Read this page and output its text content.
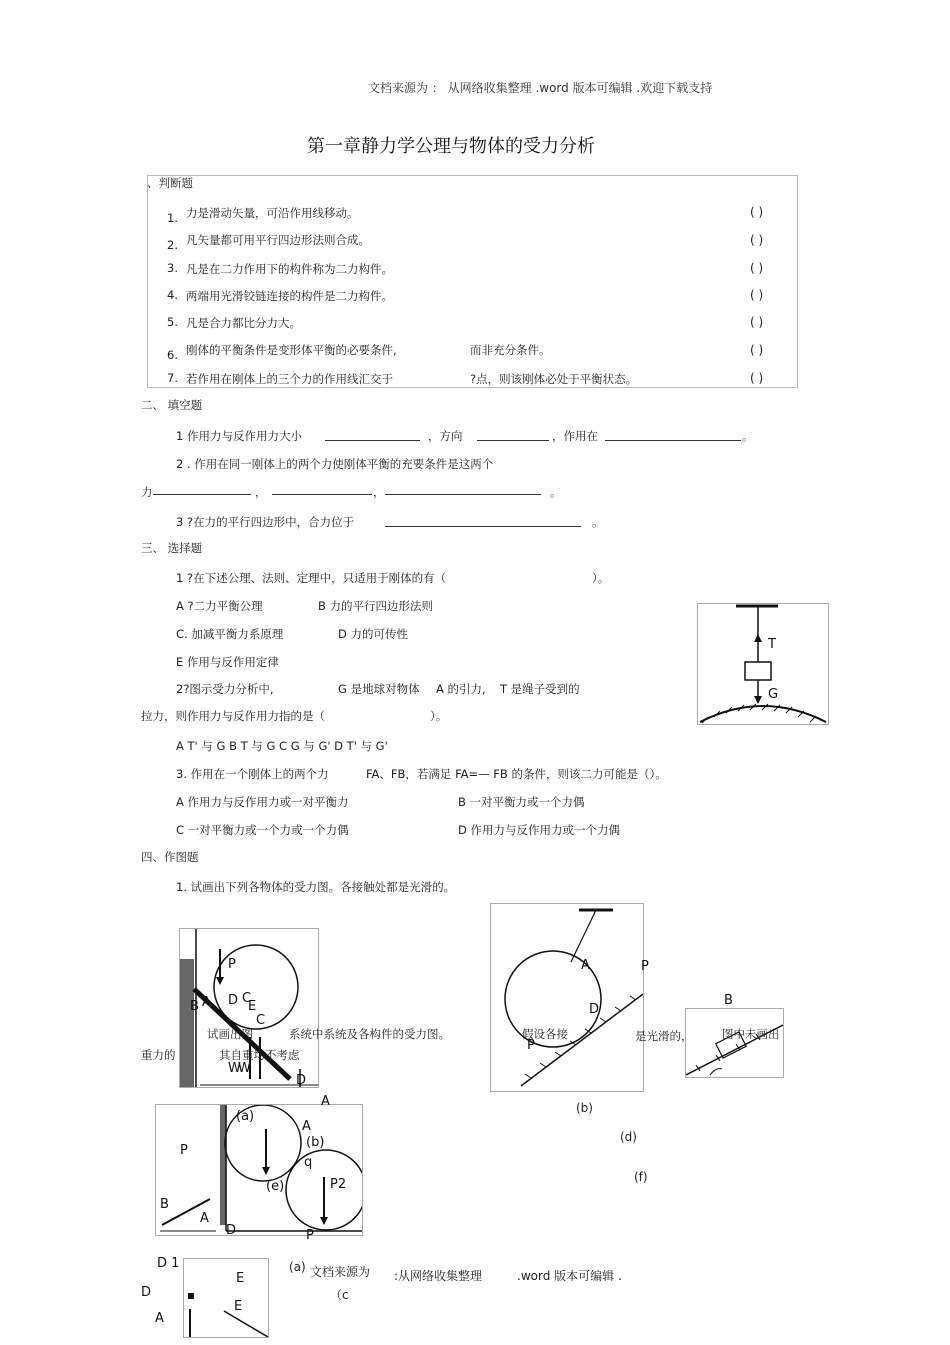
文档来源为 ： 从网络收集整理 .word 版本可编辑 .欢迎下载支持
第一章静力学公理与物体的受力分析
、判断题
1. 力是滑动矢量，可沿作用线移动。	( )
2. 凡矢量都可用平行四边形法则合成。	( )
3. 凡是在二力作用下的构件称为二力构件。	( )
4. 两端用光滑铰链连接的构件是二力构件。	( )
5. 凡是合力都比分力大。	( )
6. 刚体的平衡条件是变形体平衡的必要条件,	而非充分条件。	( )
7. 若作用在刚体上的三个力的作用线汇交于	?点，则该刚体必处于平衡状态。	( )
二、 填空题
1 作用力与反作用力大小	，方向	，作用在	。
2 . 作用在同一刚体上的两个力使刚体平衡的充要条件是这两个
力	，	，	。
3 ?在力的平行四边形中，合力位于	。
三、 选择题
1 ?在下述公理、法则、定理中，只适用于刚体的有（	）。
A ?二力平衡公理	B 力的平行四边形法则
C. 加减平衡力系原理	D 力的可传性
E 作用与反作用定律
2?图示受力分析中,	G 是地球对物体 A 的引力, T 是绳子受到的
拉力，则作用力与反作用力指的是（	）。
A T' 与 G B T 与 G C G 与 G' D T' 与 G'
3. 作用在一个刚体上的两个力	FA、FB，若满足 FA=— FB 的条件，则该二力可能是（）。
A 作用力与反作用力或一对平衡力	B 一对平衡力或一个力偶
C 一对平衡力或一个力或一个力偶	D 作用力与反作用力或一个力偶
T
G
四、作图题
1. 试画出下列各物体的受力图。各接触处都是光滑的。
P
B A D C
E
C
W
W
D
A
D
P
P
B
试画出图	系统中系统及各构件的受力图。	假设各接	是光滑的，	图中未画出
重力的	其自重均不考虑
(b)
(d)
(f)
P
(a)
A
(b)
q
(e)	P2
B
A
D
A
P
D 1
D
A
E
E
(a) 文档来源为 :从网络收集整理	.word 版本可编辑 .
（c
